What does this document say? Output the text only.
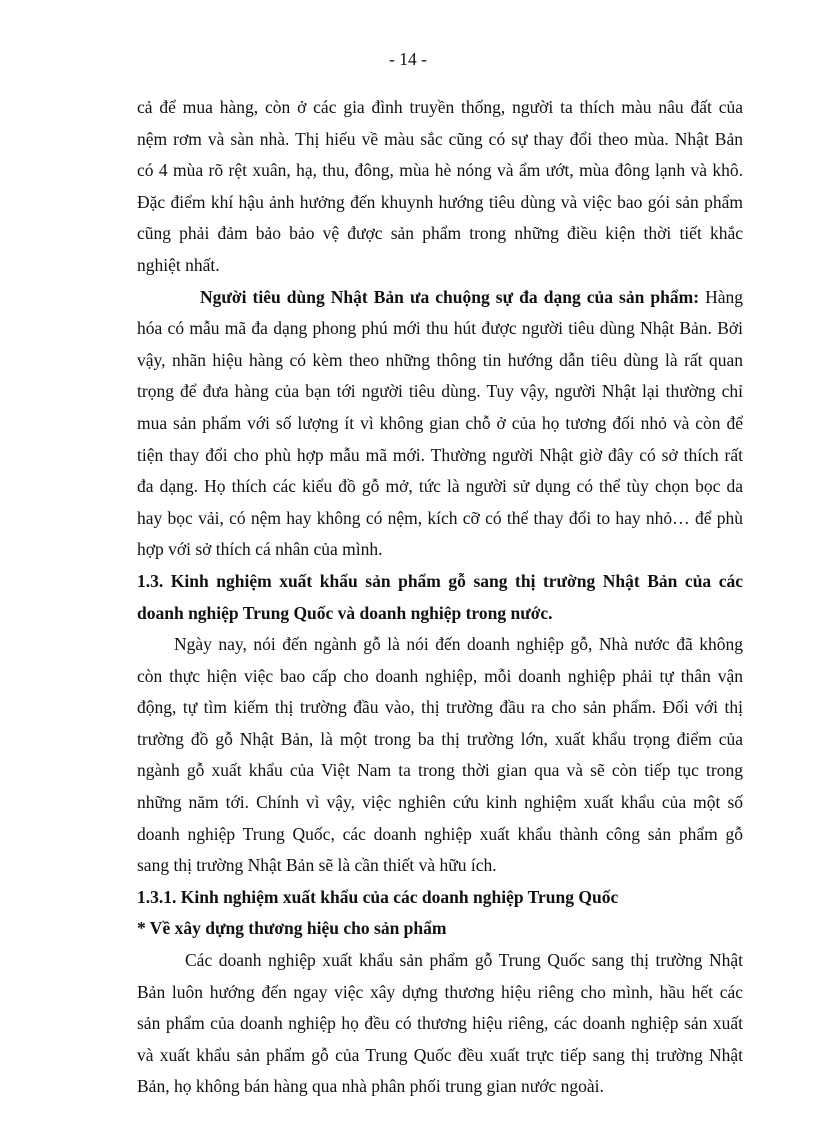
- 14 -
cả để mua hàng, còn ở các gia đình truyền thống, người ta thích màu nâu đất của
nệm rơm và sàn nhà. Thị hiếu về màu sắc cũng có sự thay đổi theo mùa. Nhật Bản
có 4 mùa rõ rệt xuân, hạ, thu, đông, mùa hè nóng và ẩm ướt, mùa đông lạnh và khô.
Đặc điểm khí hậu ảnh hưởng đến khuynh hướng tiêu dùng và việc bao gói sản phẩm
cũng phải đảm bảo bảo vệ được sản phẩm trong những điều kiện thời tiết khắc
nghiệt nhất.
Người tiêu dùng Nhật Bản ưa chuộng sự đa dạng của sản phẩm: Hàng
hóa có mẫu mã đa dạng phong phú mới thu hút được người tiêu dùng Nhật Bản. Bởi
vậy, nhãn hiệu hàng có kèm theo những thông tin hướng dẫn tiêu dùng là rất quan
trọng để đưa hàng của bạn tới người tiêu dùng. Tuy vậy, người Nhật lại thường chỉ
mua sản phẩm với số lượng ít vì không gian chỗ ở của họ tương đối nhỏ và còn để
tiện thay đổi cho phù hợp mẫu mã mới. Thường người Nhật giờ đây có sở thích rất
đa dạng. Họ thích các kiểu đồ gỗ mở, tức là người sử dụng có thể tùy chọn bọc da
hay bọc vải, có nệm hay không có nệm, kích cỡ có thể thay đổi to hay nhỏ… để phù
hợp với sở thích cá nhân của mình.
1.3. Kinh nghiệm xuất khẩu sản phẩm gỗ sang thị trường Nhật Bản của các
doanh nghiệp Trung Quốc và doanh nghiệp trong nước.
Ngày nay, nói đến ngành gỗ là nói đến doanh nghiệp gỗ, Nhà nước đã không
còn thực hiện việc bao cấp cho doanh nghiệp, mỗi doanh nghiệp phải tự thân vận
động, tự tìm kiếm thị trường đầu vào, thị trường đầu ra cho sản phẩm. Đối với thị
trường đồ gỗ Nhật Bản, là một trong ba thị trường lớn, xuất khẩu trọng điểm của
ngành gỗ xuất khẩu của Việt Nam ta trong thời gian qua và sẽ còn tiếp tục trong
những năm tới. Chính vì vậy, việc nghiên cứu kinh nghiệm xuất khẩu của một số
doanh nghiệp Trung Quốc, các doanh nghiệp xuất khẩu thành công sản phẩm gỗ
sang thị trường Nhật Bản sẽ là cần thiết và hữu ích.
1.3.1. Kinh nghiệm xuất khẩu của các doanh nghiệp Trung Quốc
* Về xây dựng thương hiệu cho sản phẩm
Các doanh nghiệp xuất khẩu sản phẩm gỗ Trung Quốc sang thị trường Nhật
Bản luôn hướng đến ngay việc xây dựng thương hiệu riêng cho mình, hầu hết các
sản phẩm của doanh nghiệp họ đều có thương hiệu riêng, các doanh nghiệp sản xuất
và xuất khẩu sản phẩm gỗ của Trung Quốc đều xuất trực tiếp sang thị trường Nhật
Bản, họ không bán hàng qua nhà phân phối trung gian nước ngoài.
